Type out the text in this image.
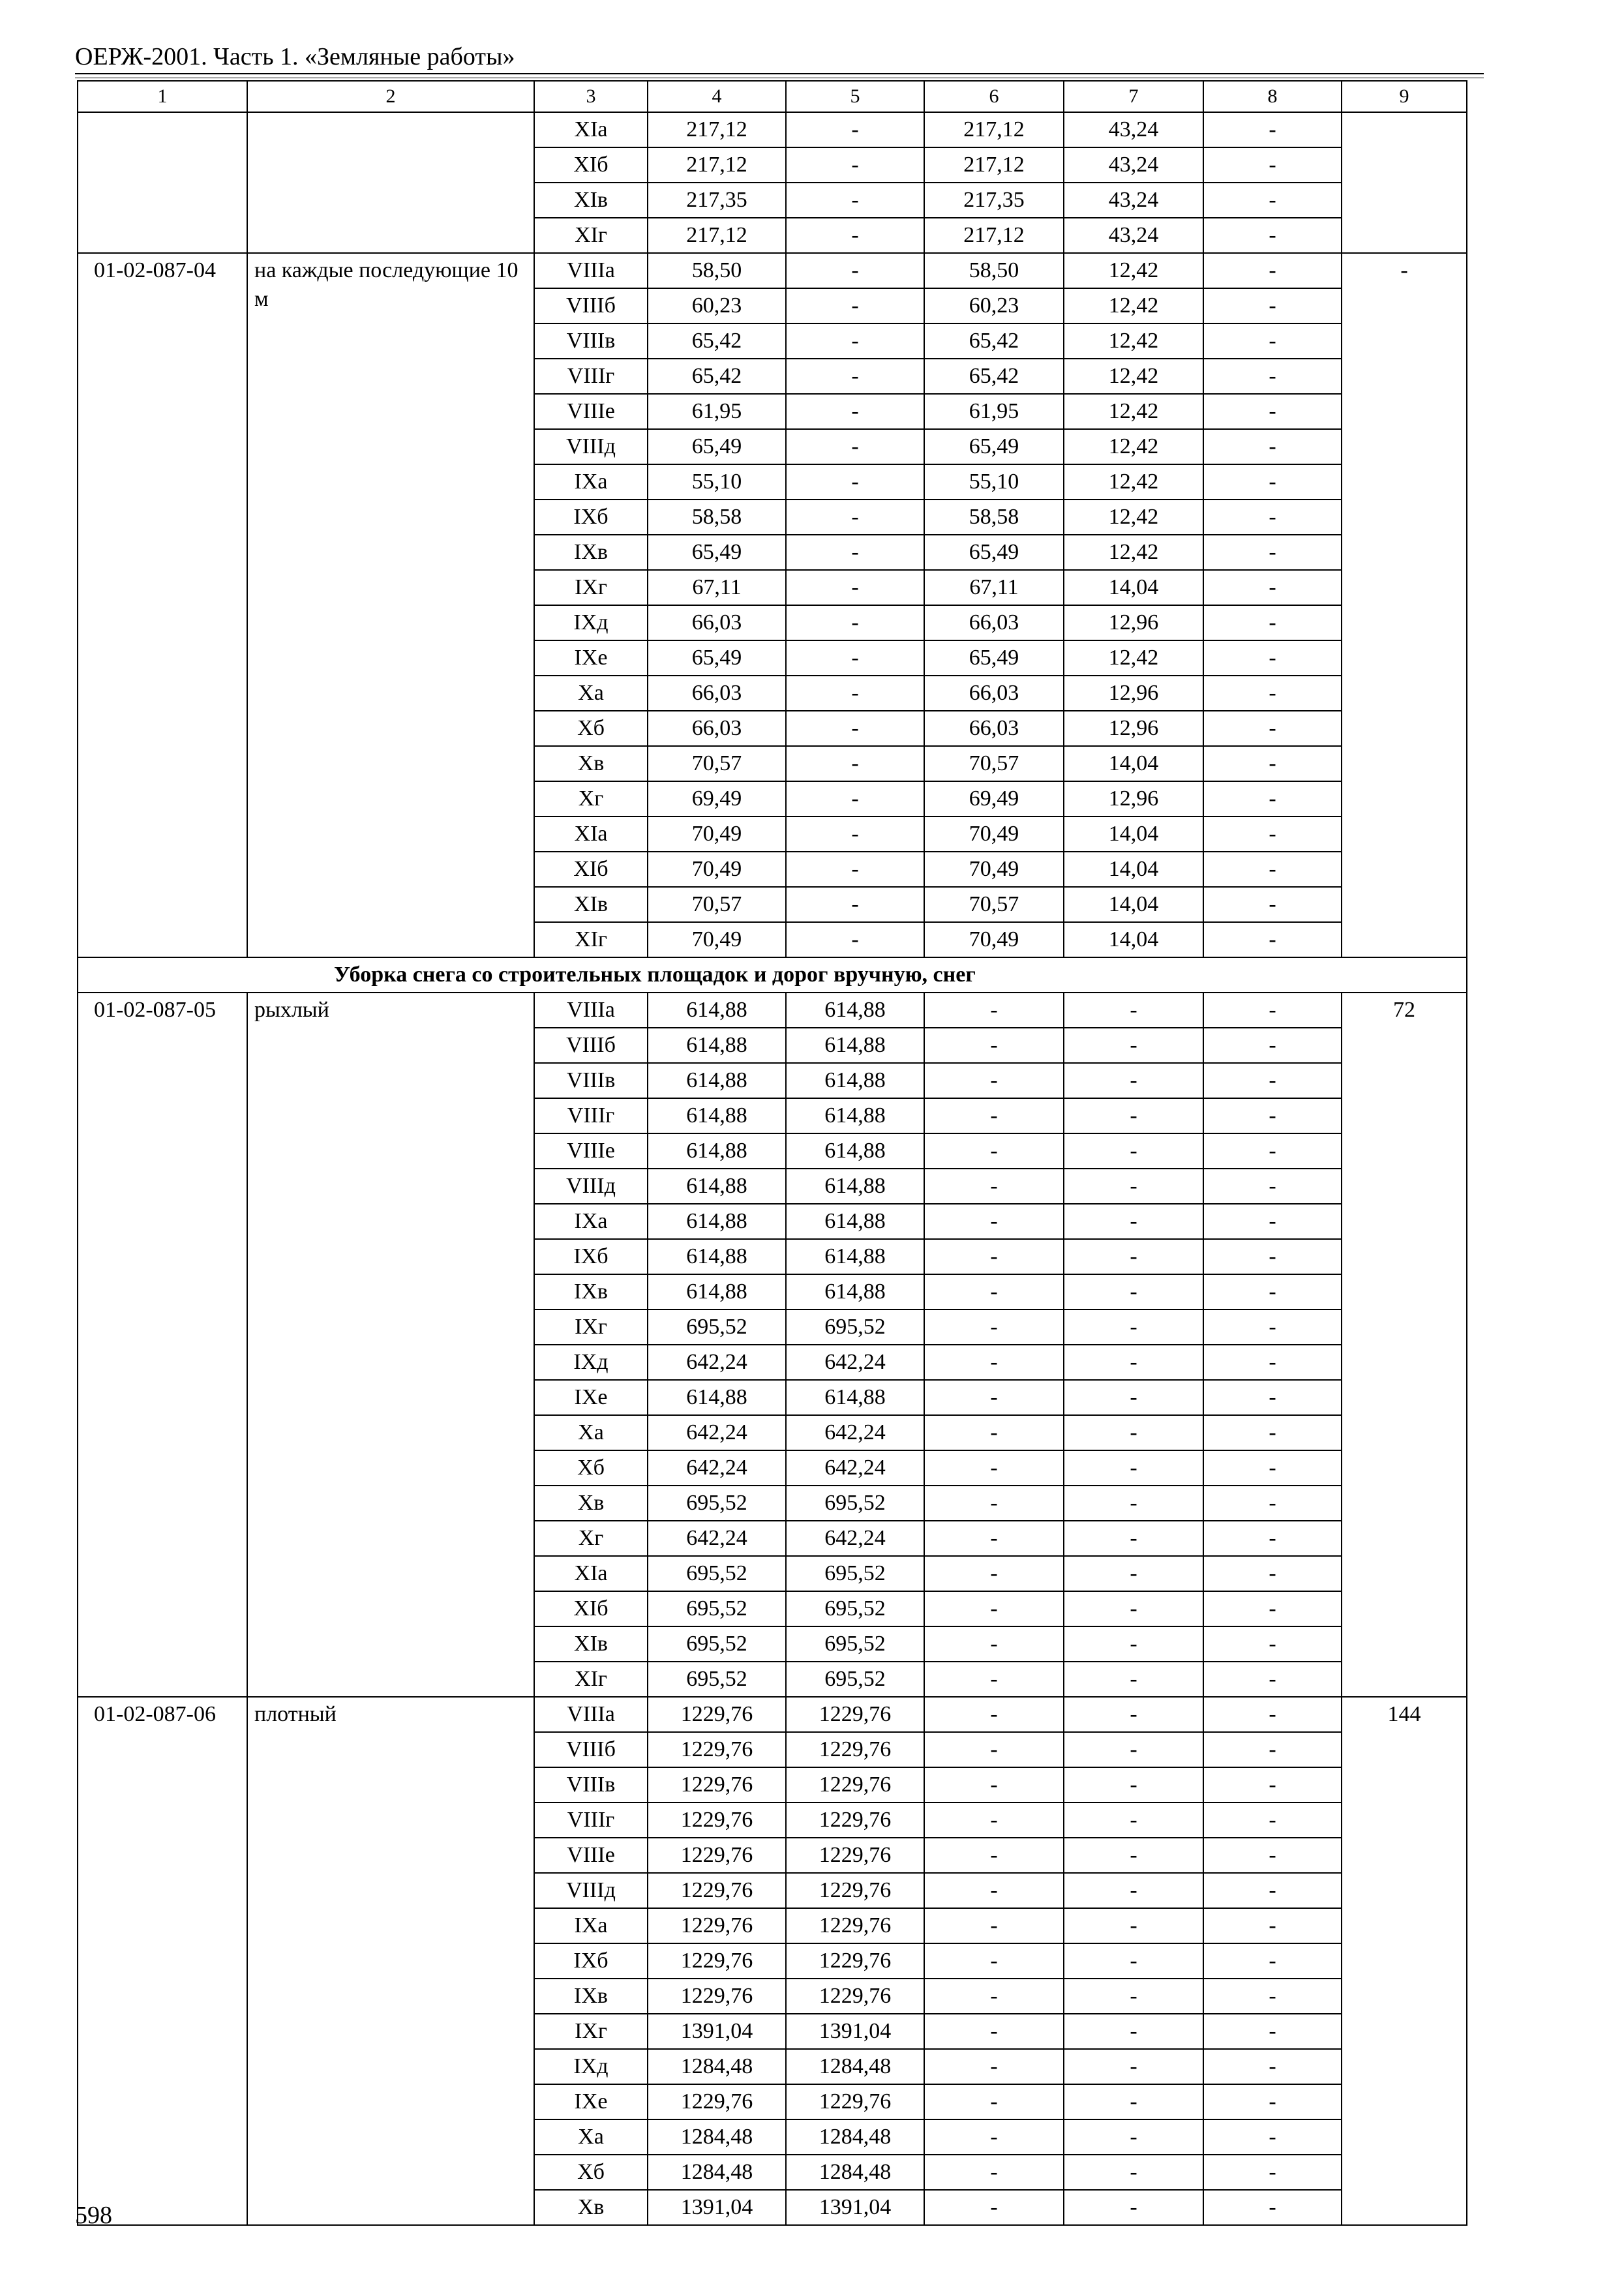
ОЕРЖ-2001. Часть 1. «Земляные работы»
1	2	3	4	5	6	7	8	9
		XIа	217,12	-	217,12	43,24	-	
		XIб	217,12	-	217,12	43,24	-	
		XIв	217,35	-	217,35	43,24	-	
		XIг	217,12	-	217,12	43,24	-	
01-02-087-04	на каждые последующие 10 м	VIIIа	58,50	-	58,50	12,42	-	-
		VIIIб	60,23	-	60,23	12,42	-	
		VIIIв	65,42	-	65,42	12,42	-	
		VIIIг	65,42	-	65,42	12,42	-	
		VIIIе	61,95	-	61,95	12,42	-	
		VIIIд	65,49	-	65,49	12,42	-	
		IXа	55,10	-	55,10	12,42	-	
		IXб	58,58	-	58,58	12,42	-	
		IXв	65,49	-	65,49	12,42	-	
		IXг	67,11	-	67,11	14,04	-	
		IXд	66,03	-	66,03	12,96	-	
		IXе	65,49	-	65,49	12,42	-	
		Xа	66,03	-	66,03	12,96	-	
		Xб	66,03	-	66,03	12,96	-	
		Xв	70,57	-	70,57	14,04	-	
		Xг	69,49	-	69,49	12,96	-	
		XIа	70,49	-	70,49	14,04	-	
		XIб	70,49	-	70,49	14,04	-	
		XIв	70,57	-	70,57	14,04	-	
		XIг	70,49	-	70,49	14,04	-	
Уборка снега со строительных площадок и дорог вручную, снег								
01-02-087-05	рыхлый	VIIIа	614,88	614,88	-	-	-	72
		VIIIб	614,88	614,88	-	-	-	
		VIIIв	614,88	614,88	-	-	-	
		VIIIг	614,88	614,88	-	-	-	
		VIIIе	614,88	614,88	-	-	-	
		VIIIд	614,88	614,88	-	-	-	
		IXа	614,88	614,88	-	-	-	
		IXб	614,88	614,88	-	-	-	
		IXв	614,88	614,88	-	-	-	
		IXг	695,52	695,52	-	-	-	
		IXд	642,24	642,24	-	-	-	
		IXе	614,88	614,88	-	-	-	
		Xа	642,24	642,24	-	-	-	
		Xб	642,24	642,24	-	-	-	
		Xв	695,52	695,52	-	-	-	
		Xг	642,24	642,24	-	-	-	
		XIа	695,52	695,52	-	-	-	
		XIб	695,52	695,52	-	-	-	
		XIв	695,52	695,52	-	-	-	
		XIг	695,52	695,52	-	-	-	
01-02-087-06	плотный	VIIIа	1229,76	1229,76	-	-	-	144
		VIIIб	1229,76	1229,76	-	-	-	
		VIIIв	1229,76	1229,76	-	-	-	
		VIIIг	1229,76	1229,76	-	-	-	
		VIIIе	1229,76	1229,76	-	-	-	
		VIIIд	1229,76	1229,76	-	-	-	
		IXа	1229,76	1229,76	-	-	-	
		IXб	1229,76	1229,76	-	-	-	
		IXв	1229,76	1229,76	-	-	-	
		IXг	1391,04	1391,04	-	-	-	
		IXд	1284,48	1284,48	-	-	-	
		IXе	1229,76	1229,76	-	-	-	
		Xа	1284,48	1284,48	-	-	-	
		Xб	1284,48	1284,48	-	-	-	
		Xв	1391,04	1391,04	-	-	-	
598
